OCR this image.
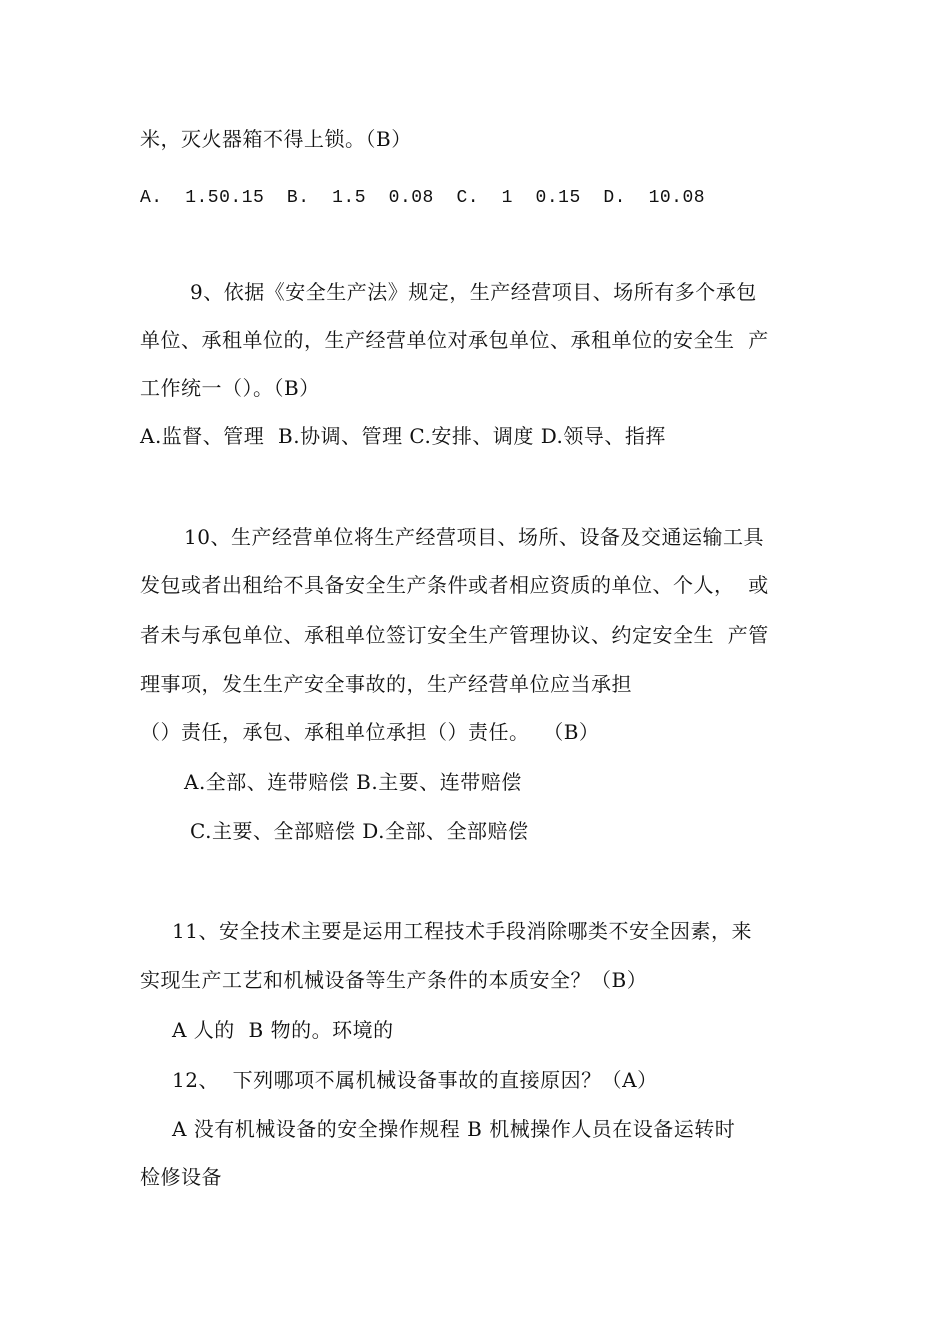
米，灭火器箱不得上锁。（B）
A.  1.50.15  B.  1.5  0.08  C.  1  0.15  D.  10.08
9、依据《安全生产法》规定，生产经营项目、场所有多个承包
单位、承租单位的，生产经营单位对承包单位、承租单位的安全生  产
工作统一（）。（B）
A.监督、管理  B.协调、管理 C.安排、调度 D.领导、指挥
10、生产经营单位将生产经营项目、场所、设备及交通运输工具
发包或者出租给不具备安全生产条件或者相应资质的单位、个人，  或
者未与承包单位、承租单位签订安全生产管理协议、约定安全生  产管
理事项，发生生产安全事故的，生产经营单位应当承担
（）责任，承包、承租单位承担（）责任。  （B）
A.全部、连带赔偿 B.主要、连带赔偿
C.主要、全部赔偿 D.全部、全部赔偿
11、安全技术主要是运用工程技术手段消除哪类不安全因素，来
实现生产工艺和机械设备等生产条件的本质安全？（B）
A 人的  B 物的。环境的
12、  下列哪项不属机械设备事故的直接原因？（A）
A 没有机械设备的安全操作规程 B 机械操作人员在设备运转时
检修设备
